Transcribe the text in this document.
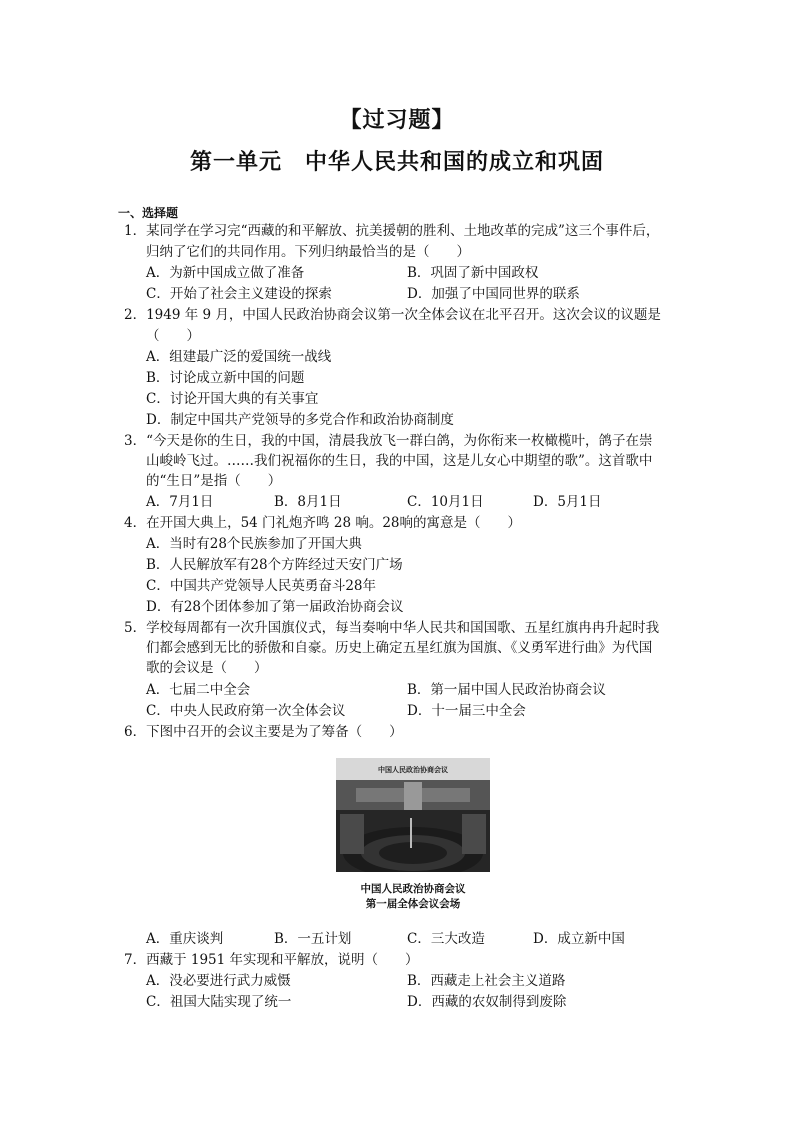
【过习题】
第一单元　中华人民共和国的成立和巩固
一、选择题
1．某同学在学习完“西藏的和平解放、抗美援朝的胜利、土地改革的完成”这三个事件后，
归纳了它们的共同作用。下列归纳最恰当的是（　　）
A．为新中国成立做了准备	B．巩固了新中国政权
C．开始了社会主义建设的探索	D．加强了中国同世界的联系
2．1949 年 9 月，中国人民政治协商会议第一次全体会议在北平召开。这次会议的议题是
（　　）
A．组建最广泛的爱国统一战线
B．讨论成立新中国的问题
C．讨论开国大典的有关事宜
D．制定中国共产党领导的多党合作和政治协商制度
3．“今天是你的生日，我的中国，清晨我放飞一群白鸽，为你衔来一枚橄榄叶，鸽子在崇
山峻岭飞过。……我们祝福你的生日，我的中国，这是儿女心中期望的歌”。这首歌中
的“生日”是指（　　）
A．7月1日	B．8月1日	C．10月1日	D．5月1日
4．在开国大典上，54 门礼炮齐鸣 28 响。28响的寓意是（　　）
A．当时有28个民族参加了开国大典
B．人民解放军有28个方阵经过天安门广场
C．中国共产党领导人民英勇奋斗28年
D．有28个团体参加了第一届政治协商会议
5．学校每周都有一次升国旗仪式，每当奏响中华人民共和国国歌、五星红旗冉冉升起时我
们都会感到无比的骄傲和自豪。历史上确定五星红旗为国旗、《义勇军进行曲》为代国
歌的会议是（　　）
A．七届二中全会	B．第一届中国人民政治协商会议
C．中央人民政府第一次全体会议	D．十一届三中全会
6．下图中召开的会议主要是为了筹备（　　）
中国人民政治协商会议
中国人民政治协商会议
第一届全体会议会场
A．重庆谈判	B．一五计划	C．三大改造	D．成立新中国
7．西藏于 1951 年实现和平解放，说明（　　）
A．没必要进行武力威慑	B．西藏走上社会主义道路
C．祖国大陆实现了统一	D．西藏的农奴制得到废除
